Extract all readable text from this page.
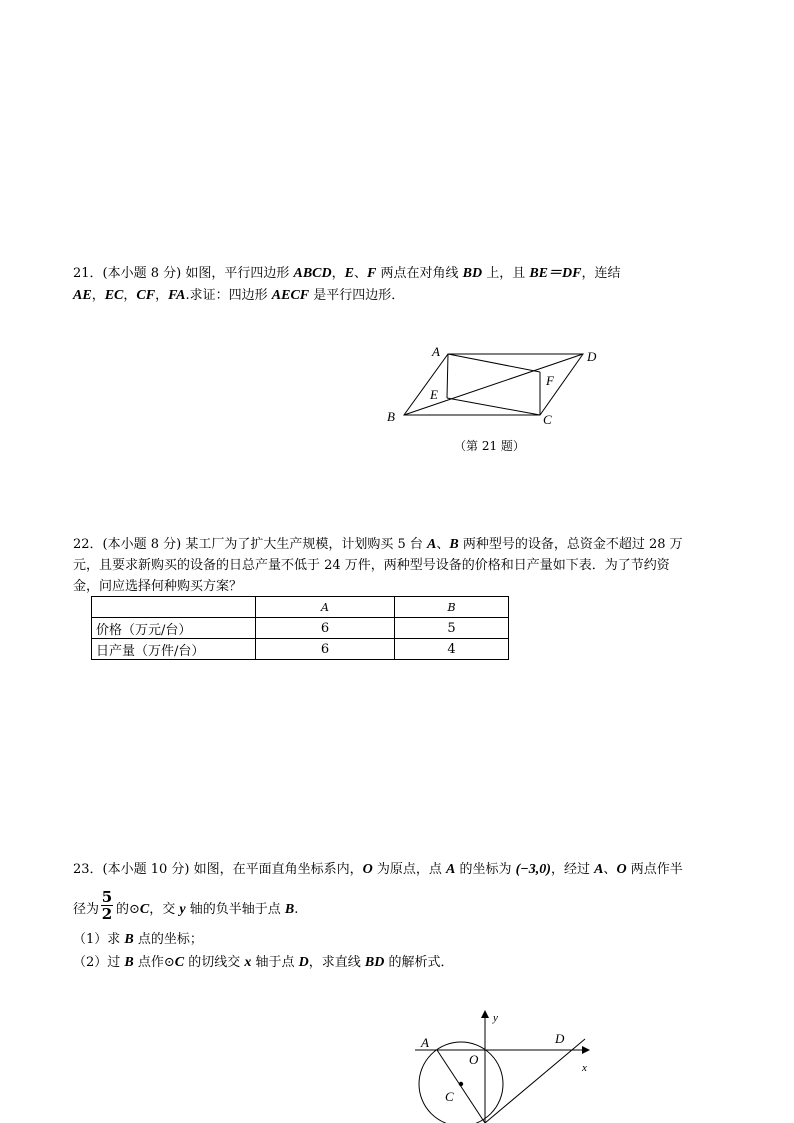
21．(本小题 8 分) 如图，平行四边形 ABCD，E、F 两点在对角线 BD 上，且 BE＝DF，连结
AE，EC，CF，FA.求证：四边形 AECF 是平行四边形．
A	D
F
E
B	C
（第 21 题）
22．(本小题 8 分) 某工厂为了扩大生产规模，计划购买 5 台 A、B 两种型号的设备，总资金不超过 28 万
元，且要求新购买的设备的日总产量不低于 24 万件，两种型号设备的价格和日产量如下表．为了节约资
金，问应选择何种购买方案？
	A	B
价格（万元/台）	6	5
日产量（万件/台）	6	4
23．(本小题 10 分) 如图，在平面直角坐标系内，O 为原点，点 A 的坐标为 (−3,0)，经过 A、O 两点作半
5
2
径为 的⊙C，交 y 轴的负半轴于点 B.
（1）求 B 点的坐标；
（2）过 B 点作⊙C 的切线交 x 轴于点 D，求直线 BD 的解析式．
A
O
D
C
x
y
